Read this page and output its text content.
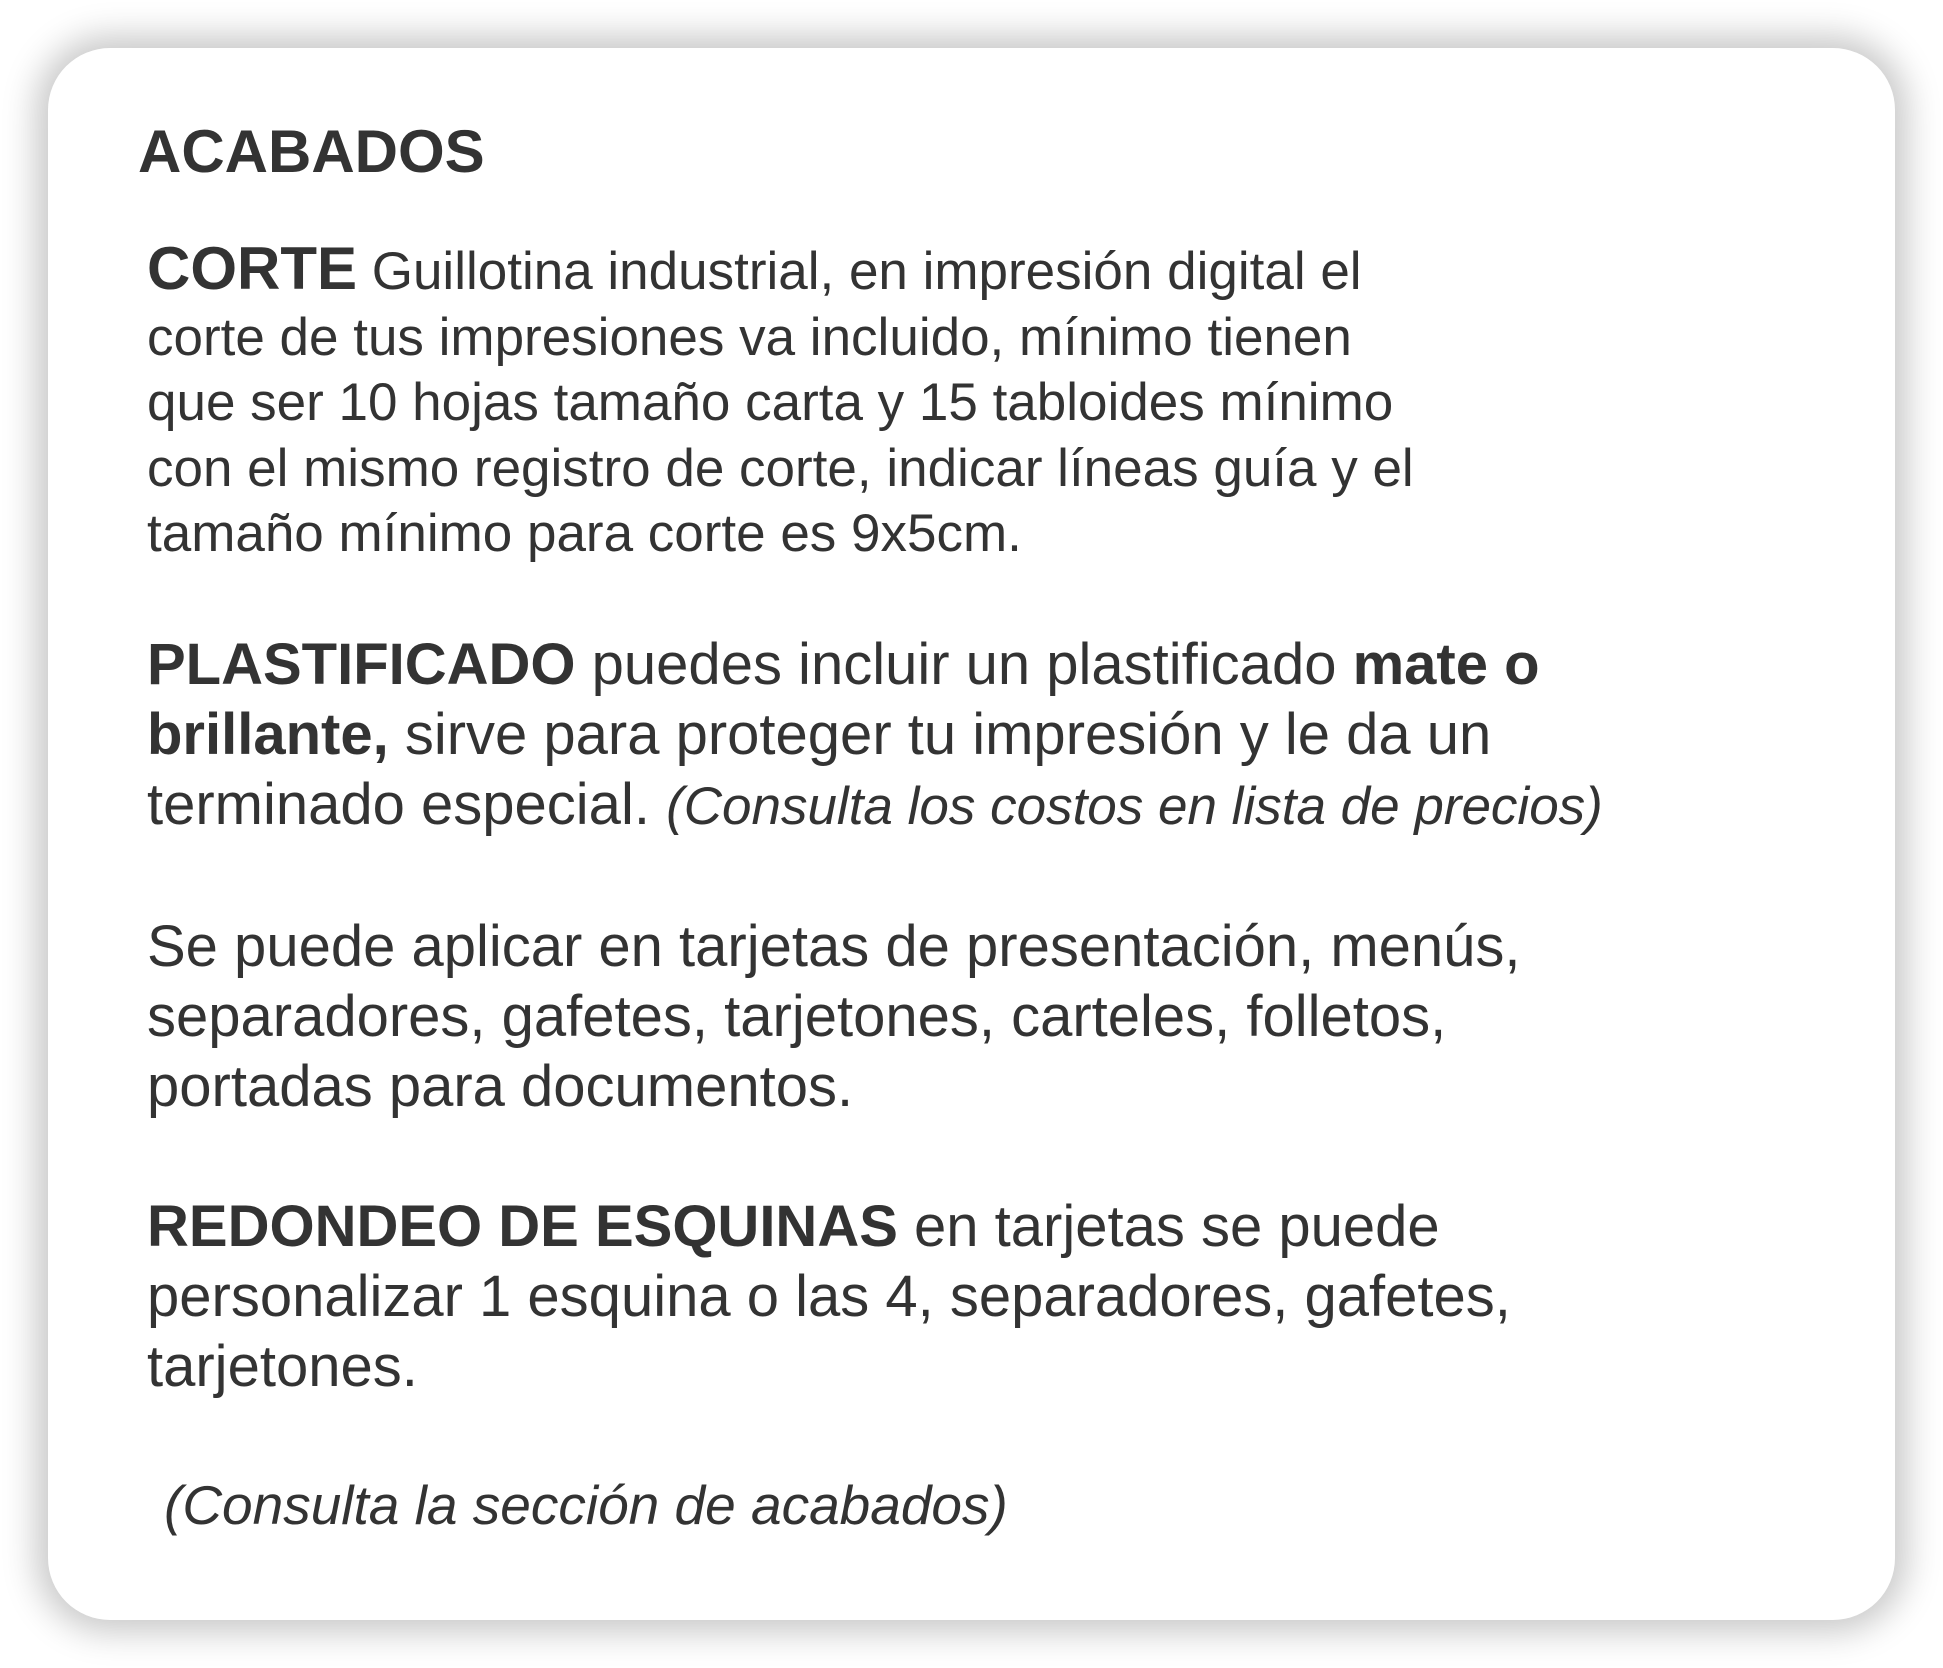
ACABADOS

CORTE Guillotina industrial, en impresión digital el
corte de tus impresiones va incluido, mínimo tienen
que ser 10 hojas tamaño carta y 15 tabloides mínimo
con el mismo registro de corte, indicar líneas guía y el
tamaño mínimo para corte es 9x5cm.

PLASTIFICADO puedes incluir un plastificado mate o
brillante, sirve para proteger tu impresión y le da un
terminado especial. (Consulta los costos en lista de precios)

Se puede aplicar en tarjetas de presentación, menús,
separadores, gafetes, tarjetones, carteles, folletos,
portadas para documentos.

REDONDEO DE ESQUINAS en tarjetas se puede
personalizar 1 esquina o las 4, separadores, gafetes,
tarjetones.

(Consulta la sección de acabados)
